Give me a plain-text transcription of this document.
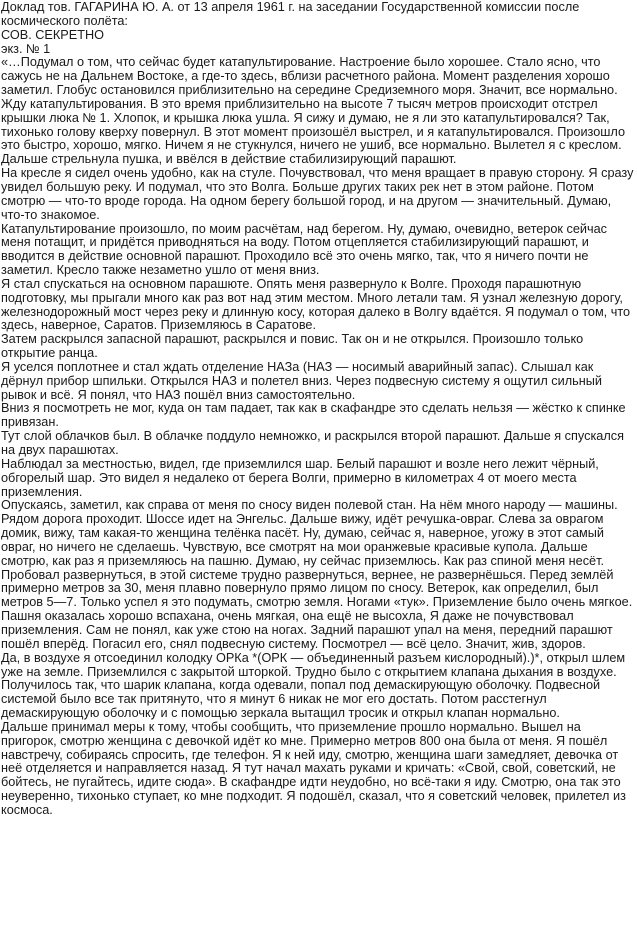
Доклад тов. ГАГАРИНА Ю. А. от 13 апреля 1961 г. на заседании Государственной комиссии после космического полёта:

СОВ. СЕКРЕТНО

экз. № 1

«…Подумал о том, что сейчас будет катапультирование. Настроение было хорошее. Стало ясно, что сажусь не на Дальнем Востоке, а где-то здесь, вблизи расчетного района. Момент разделения хорошо заметил. Глобус остановился приблизительно на середине Средиземного моря. Значит, все нормально. Жду катапультирования. В это время приблизительно на высоте 7 тысяч метров происходит отстрел крышки люка № 1. Хлопок, и крышка люка ушла. Я сижу и думаю, не я ли это катапультировался? Так, тихонько голову кверху повернул. В этот момент произошёл выстрел, и я катапультировался. Произошло это быстро, хорошо, мягко. Ничем я не стукнулся, ничего не ушиб, все нормально. Вылетел я с креслом. Дальше стрельнула пушка, и ввёлся в действие стабилизирующий парашют.

На кресле я сидел очень удобно, как на стуле. Почувствовал, что меня вращает в правую сторону. Я сразу увидел большую реку. И подумал, что это Волга. Больше других таких рек нет в этом районе. Потом смотрю — что-то вроде города. На одном берегу большой город, и на другом — значительный. Думаю, что-то знакомое.

Катапультирование произошло, по моим расчётам, над берегом. Ну, думаю, очевидно, ветерок сейчас меня потащит, и придётся приводняться на воду. Потом отцепляется стабилизирующий парашют, и вводится в действие основной парашют. Проходило всё это очень мягко, так, что я ничего почти не заметил. Кресло также незаметно ушло от меня вниз.

Я стал спускаться на основном парашюте. Опять меня развернуло к Волге. Проходя парашютную подготовку, мы прыгали много как раз вот над этим местом. Много летали там. Я узнал железную дорогу, железнодорожный мост через реку и длинную косу, которая далеко в Волгу вдаётся. Я подумал о том, что здесь, наверное, Саратов. Приземляюсь в Саратове.

Затем раскрылся запасной парашют, раскрылся и повис. Так он и не открылся. Произошло только открытие ранца.

Я уселся поплотнее и стал ждать отделение НАЗа (НАЗ — носимый аварийный запас). Слышал как дёрнул прибор шпильки. Открылся НАЗ и полетел вниз. Через подвесную систему я ощутил сильный рывок и всё. Я понял, что НАЗ пошёл вниз самостоятельно.

Вниз я посмотреть не мог, куда он там падает, так как в скафандре это сделать нельзя — жёстко к спинке привязан.

Тут слой облачков был. В облачке поддуло немножко, и раскрылся второй парашют. Дальше я спускался на двух парашютах.

Наблюдал за местностью, видел, где приземлился шар. Белый парашют и возле него лежит чёрный, обгорелый шар. Это видел я недалеко от берега Волги, примерно в километрах 4 от моего места приземления.

Опускаясь, заметил, как справа от меня по сносу виден полевой стан. На нём много народу — машины. Рядом дорога проходит. Шоссе идет на Энгельс. Дальше вижу, идёт речушка-овраг. Слева за оврагом домик, вижу, там какая-то женщина телёнка пасёт. Ну, думаю, сейчас я, наверное, угожу в этот самый овраг, но ничего не сделаешь. Чувствую, все смотрят на мои оранжевые красивые купола. Дальше смотрю, как раз я приземляюсь на пашню. Думаю, ну сейчас приземлюсь. Как раз спиной меня несёт. Пробовал развернуться, в этой системе трудно развернуться, вернее, не развернёшься. Перед землёй примерно метров за 30, меня плавно повернуло прямо лицом по сносу. Ветерок, как определил, был метров 5—7. Только успел я это подумать, смотрю земля. Ногами «тук». Приземление было очень мягкое. Пашня оказалась хорошо вспахана, очень мягкая, она ещё не высохла, Я даже не почувствовал приземления. Сам не понял, как уже стою на ногах. Задний парашют упал на меня, передний парашют пошёл вперёд. Погасил его, снял подвесную систему. Посмотрел — всё цело. Значит, жив, здоров.

Да, в воздухе я отсоединил колодку ОРКа *(ОРК — объединенный разъем кислородный).)*, открыл шлем уже на земле. Приземлился с закрытой шторкой. Трудно было с открытием клапана дыхания в воздухе. Получилось так, что шарик клапана, когда одевали, попал под демаскирующую оболочку. Подвесной системой было все так притянуто, что я минут 6 никак не мог его достать. Потом расстегнул демаскирующую оболочку и с помощью зеркала вытащил тросик и открыл клапан нормально.

Дальше принимал меры к тому, чтобы сообщить, что приземление прошло нормально. Вышел на пригорок, смотрю женщина с девочкой идёт ко мне. Примерно метров 800 она была от меня. Я пошёл навстречу, собираясь спросить, где телефон. Я к ней иду, смотрю, женщина шаги замедляет, девочка от неё отделяется и направляется назад. Я тут начал махать руками и кричать: «Свой, свой, советский, не бойтесь, не пугайтесь, идите сюда». В скафандре идти неудобно, но всё-таки я иду. Смотрю, она так это неуверенно, тихонько ступает, ко мне подходит. Я подошёл, сказал, что я советский человек, прилетел из космоса.
